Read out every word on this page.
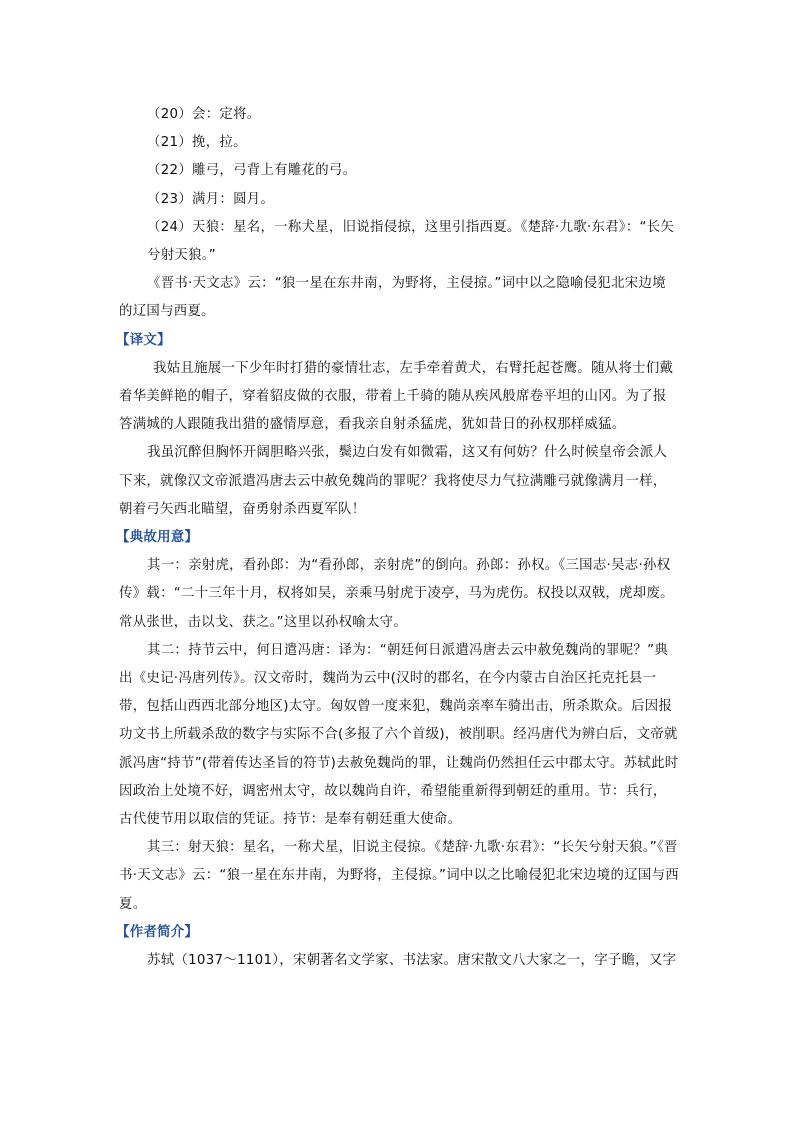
（20）会：定将。

（21）挽，拉。

（22）雕弓，弓背上有雕花的弓。

（23）满月：圆月。

（24）天狼：星名，一称犬星，旧说指侵掠，这里引指西夏。《楚辞·九歌·东君》：“长矢兮射天狼。”

《晋书·天文志》云：“狼一星在东井南，为野将，主侵掠。”词中以之隐喻侵犯北宋边境的辽国与西夏。

【译文】

我姑且施展一下少年时打猎的豪情壮志，左手牵着黄犬，右臂托起苍鹰。随从将士们戴着华美鲜艳的帽子，穿着貂皮做的衣服，带着上千骑的随从疾风般席卷平坦的山冈。为了报答满城的人跟随我出猎的盛情厚意，看我亲自射杀猛虎，犹如昔日的孙权那样威猛。

我虽沉醉但胸怀开阔胆略兴张，鬓边白发有如微霜，这又有何妨？什么时候皇帝会派人下来，就像汉文帝派遣冯唐去云中赦免魏尚的罪呢？我将使尽力气拉满雕弓就像满月一样，朝着弓矢西北瞄望，奋勇射杀西夏军队！

【典故用意】

其一：亲射虎，看孙郎：为“看孙郎，亲射虎”的倒向。孙郎：孙权。《三国志·吴志·孙权传》载：“二十三年十月，权将如吴，亲乘马射虎于凌亭，马为虎伤。权投以双戟，虎却废。常从张世，击以戈、获之。”这里以孙权喻太守。

其二：持节云中，何日遣冯唐：译为：“朝廷何日派遣冯唐去云中赦免魏尚的罪呢？”典出《史记·冯唐列传》。汉文帝时，魏尚为云中(汉时的郡名，在今内蒙古自治区托克托县一带，包括山西西北部分地区)太守。匈奴曾一度来犯，魏尚亲率车骑出击，所杀欺众。后因报功文书上所载杀敌的数字与实际不合(多报了六个首级)，被削职。经冯唐代为辨白后，文帝就派冯唐“持节”(带着传达圣旨的符节)去赦免魏尚的罪，让魏尚仍然担任云中郡太守。苏轼此时因政治上处境不好，调密州太守，故以魏尚自许，希望能重新得到朝廷的重用。节：兵行，古代使节用以取信的凭证。持节：是奉有朝廷重大使命。

其三：射天狼：星名，一称犬星，旧说主侵掠。《楚辞·九歌·东君》：“长矢兮射天狼。”《晋书·天文志》云：“狼一星在东井南，为野将，主侵掠。”词中以之比喻侵犯北宋边境的辽国与西夏。

【作者简介】

苏轼（1037～1101），宋朝著名文学家、书法家。唐宋散文八大家之一，字子瞻，又字
